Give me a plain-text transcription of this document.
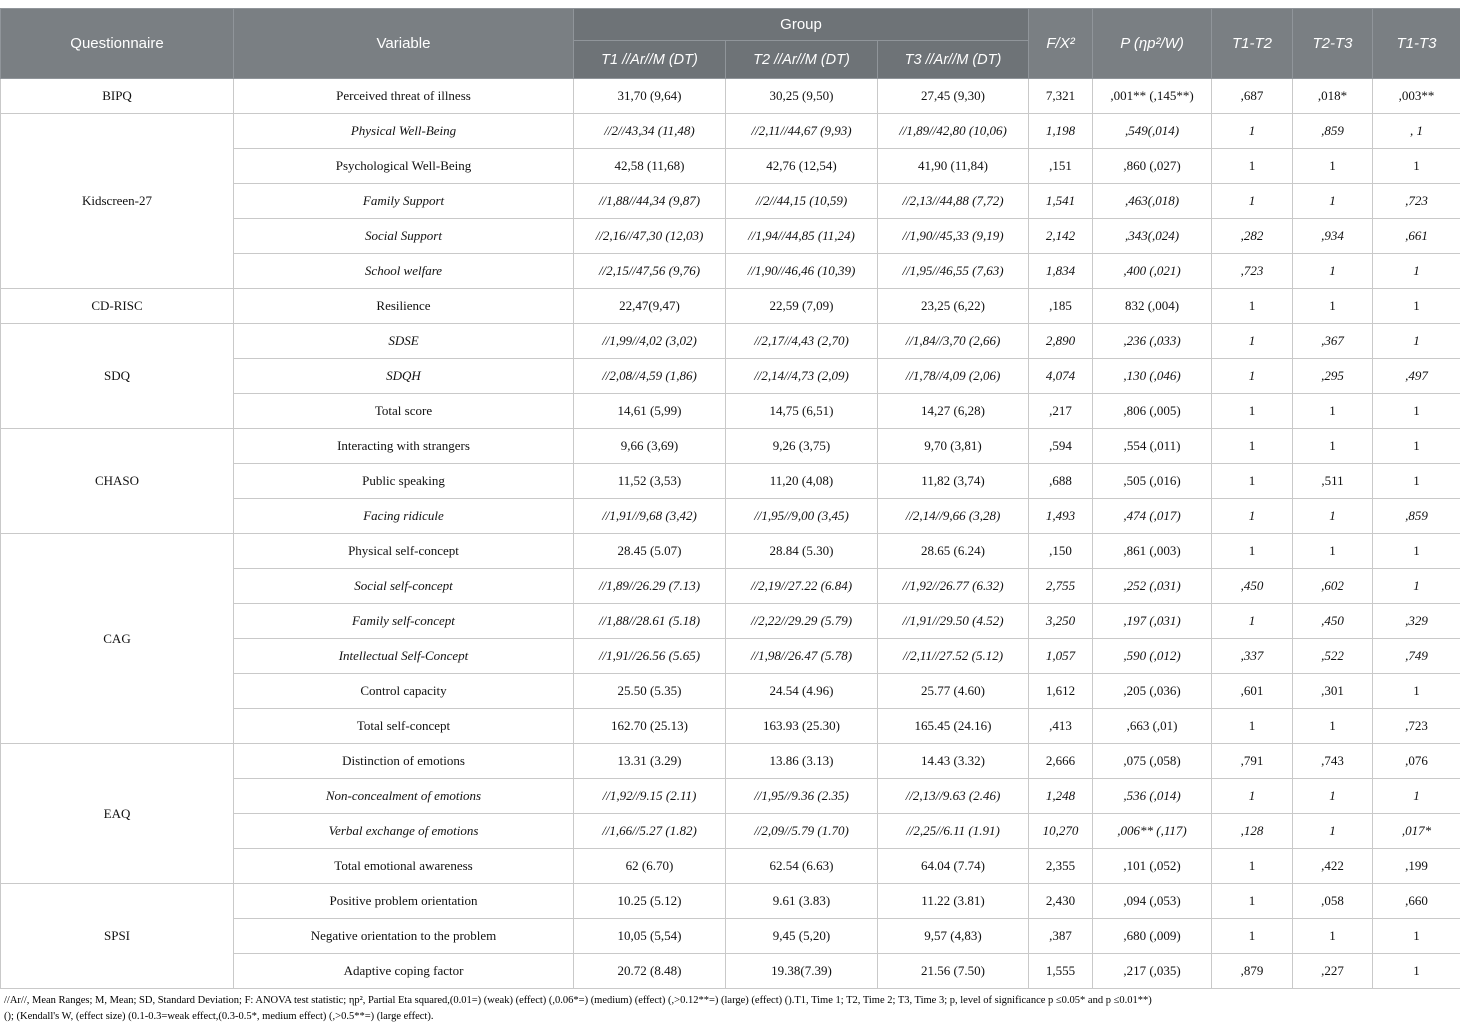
Questionnaire	Variable	Group			F/X²	P (ηp²/W)	T1-T2	T2-T3	T1-T3
		T1 //Ar//M (DT)	T2 //Ar//M (DT)	T3 //Ar//M (DT)					
BIPQ	Perceived threat of illness	31,70 (9,64)	30,25 (9,50)	27,45 (9,30)	7,321	,001** (,145**)	,687	,018*	,003**
Kidscreen-27	Physical Well-Being	//2//43,34 (11,48)	//2,11//44,67 (9,93)	//1,89//42,80 (10,06)	1,198	,549(,014)	1	,859	, 1
	Psychological Well-Being	42,58 (11,68)	42,76 (12,54)	41,90 (11,84)	,151	,860 (,027)	1	1	1
	Family Support	//1,88//44,34 (9,87)	//2//44,15 (10,59)	//2,13//44,88 (7,72)	1,541	,463(,018)	1	1	,723
	Social Support	//2,16//47,30 (12,03)	//1,94//44,85 (11,24)	//1,90//45,33 (9,19)	2,142	,343(,024)	,282	,934	,661
	School welfare	//2,15//47,56 (9,76)	//1,90//46,46 (10,39)	//1,95//46,55 (7,63)	1,834	,400 (,021)	,723	1	1
CD-RISC	Resilience	22,47(9,47)	22,59 (7,09)	23,25 (6,22)	,185	832 (,004)	1	1	1
SDQ	SDSE	//1,99//4,02 (3,02)	//2,17//4,43 (2,70)	//1,84//3,70 (2,66)	2,890	,236 (,033)	1	,367	1
	SDQH	//2,08//4,59 (1,86)	//2,14//4,73 (2,09)	//1,78//4,09 (2,06)	4,074	,130 (,046)	1	,295	,497
	Total score	14,61 (5,99)	14,75 (6,51)	14,27 (6,28)	,217	,806 (,005)	1	1	1
CHASO	Interacting with strangers	9,66 (3,69)	9,26 (3,75)	9,70 (3,81)	,594	,554 (,011)	1	1	1
	Public speaking	11,52 (3,53)	11,20 (4,08)	11,82 (3,74)	,688	,505 (,016)	1	,511	1
	Facing ridicule	//1,91//9,68 (3,42)	//1,95//9,00 (3,45)	//2,14//9,66 (3,28)	1,493	,474 (,017)	1	1	,859
CAG	Physical self-concept	28.45 (5.07)	28.84 (5.30)	28.65 (6.24)	,150	,861 (,003)	1	1	1
	Social self-concept	//1,89//26.29 (7.13)	//2,19//27.22 (6.84)	//1,92//26.77 (6.32)	2,755	,252 (,031)	,450	,602	1
	Family self-concept	//1,88//28.61 (5.18)	//2,22//29.29 (5.79)	//1,91//29.50 (4.52)	3,250	,197 (,031)	1	,450	,329
	Intellectual Self-Concept	//1,91//26.56 (5.65)	//1,98//26.47 (5.78)	//2,11//27.52 (5.12)	1,057	,590 (,012)	,337	,522	,749
	Control capacity	25.50 (5.35)	24.54 (4.96)	25.77 (4.60)	1,612	,205 (,036)	,601	,301	1
	Total self-concept	162.70 (25.13)	163.93 (25.30)	165.45 (24.16)	,413	,663 (,01)	1	1	,723
EAQ	Distinction of emotions	13.31 (3.29)	13.86 (3.13)	14.43 (3.32)	2,666	,075 (,058)	,791	,743	,076
	Non-concealment of emotions	//1,92//9.15 (2.11)	//1,95//9.36 (2.35)	//2,13//9.63 (2.46)	1,248	,536 (,014)	1	1	1
	Verbal exchange of emotions	//1,66//5.27 (1.82)	//2,09//5.79 (1.70)	//2,25//6.11 (1.91)	10,270	,006** (,117)	,128	1	,017*
	Total emotional awareness	62 (6.70)	62.54 (6.63)	64.04 (7.74)	2,355	,101 (,052)	1	,422	,199
SPSI	Positive problem orientation	10.25 (5.12)	9.61 (3.83)	11.22 (3.81)	2,430	,094 (,053)	1	,058	,660
	Negative orientation to the problem	10,05 (5,54)	9,45 (5,20)	9,57 (4,83)	,387	,680 (,009)	1	1	1
	Adaptive coping factor	20.72 (8.48)	19.38(7.39)	21.56 (7.50)	1,555	,217 (,035)	,879	,227	1
//Ar//, Mean Ranges; M, Mean; SD, Standard Deviation; F: ANOVA test statistic; ηp², Partial Eta squared,(0.01=) (weak) (effect) (,0.06*=) (medium) (effect) (,>0.12**=) (large) (effect) ().T1, Time 1; T2, Time 2; T3, Time 3; p, level of significance p ≤0.05* and p ≤0.01**)
(); (Kendall's W, (effect size) (0.1-0.3=weak effect,(0.3-0.5*, medium effect) (,>0.5**=) (large effect).
